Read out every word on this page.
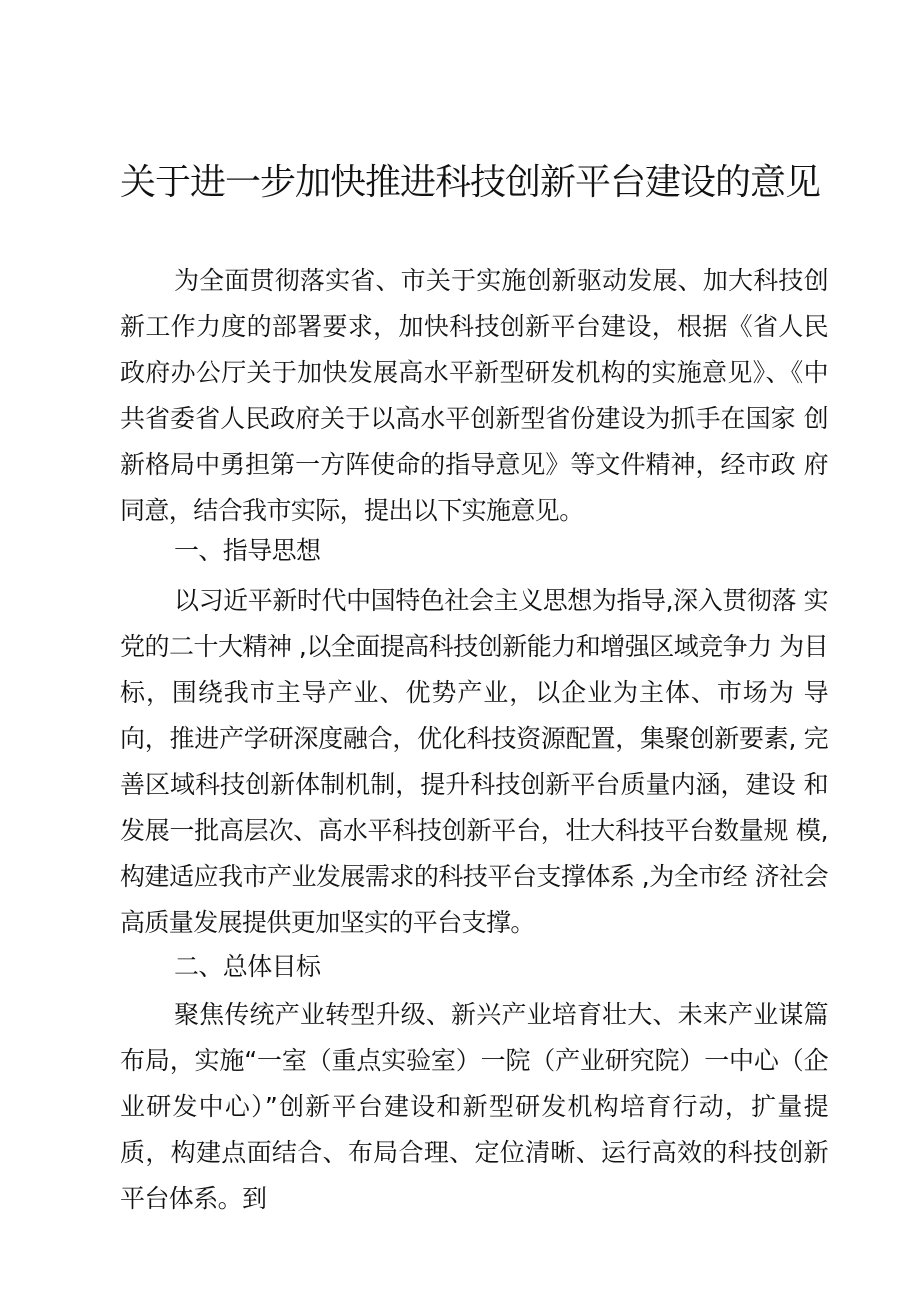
关于进一步加快推进科技创新平台建设的意见
为全面贯彻落实省、市关于实施创新驱动发展、加大科技创 新工作力度的部署要求，加快科技创新平台建设，根据《省人民 政府办公厅关于加快发展高水平新型研发机构的实施意见》、《中 共省委省人民政府关于以高水平创新型省份建设为抓手在国家 创新格局中勇担第一方阵使命的指导意见》等文件精神，经市政 府同意，结合我市实际，提出以下实施意见。
一、指导思想
以习近平新时代中国特色社会主义思想为指导,深入贯彻落 实党的二十大精神 ,以全面提高科技创新能力和增强区域竞争力 为目标，围绕我市主导产业、优势产业，以企业为主体、市场为 导向，推进产学研深度融合，优化科技资源配置，集聚创新要素, 完善区域科技创新体制机制，提升科技创新平台质量内涵，建设 和发展一批高层次、高水平科技创新平台，壮大科技平台数量规 模,构建适应我市产业发展需求的科技平台支撑体系 ,为全市经 济社会高质量发展提供更加坚实的平台支撑。
二、总体目标
聚焦传统产业转型升级、新兴产业培育壮大、未来产业谋篇 布局，实施“一室（重点实验室）一院（产业研究院）一中心（企 业研发中心）”创新平台建设和新型研发机构培育行动，扩量提 质，构建点面结合、布局合理、定位清晰、运行高效的科技创新 平台体系。到
